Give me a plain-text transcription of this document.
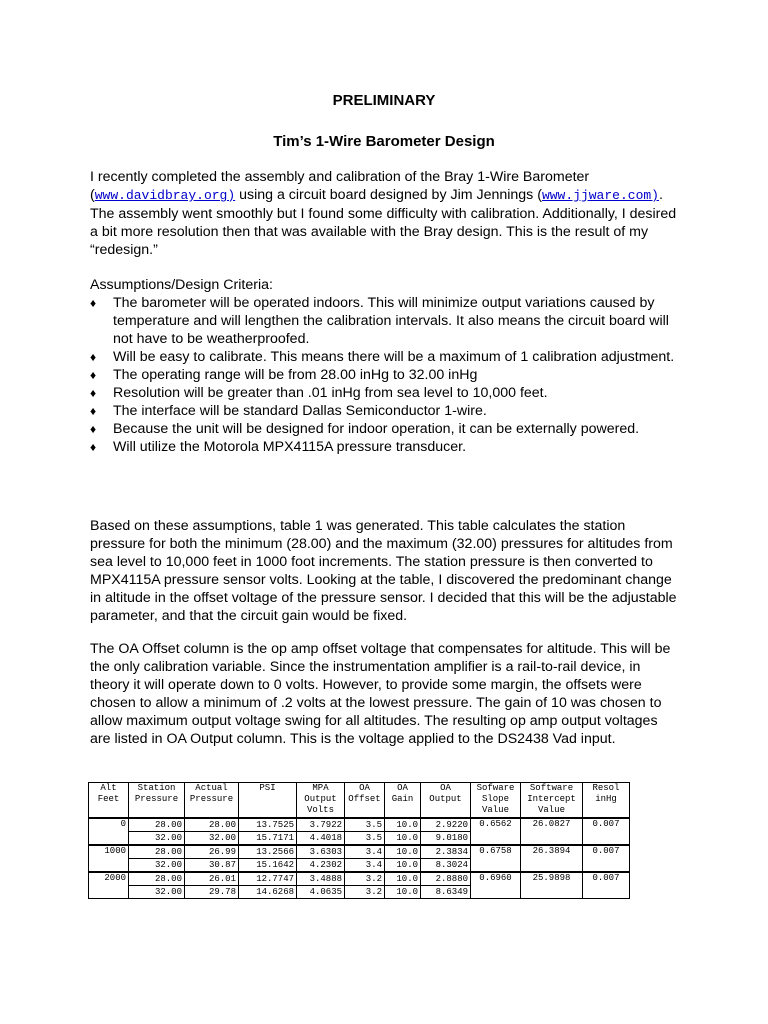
PRELIMINARY
Tim’s 1-Wire Barometer Design
I recently completed the assembly and calibration of the Bray 1-Wire Barometer (www.davidbray.org) using a circuit board designed by Jim Jennings (www.jjware.com). The assembly went smoothly but I found some difficulty with calibration. Additionally, I desired a bit more resolution then that was available with the Bray design. This is the result of my “redesign.”
Assumptions/Design Criteria:
♦ The barometer will be operated indoors. This will minimize output variations caused by temperature and will lengthen the calibration intervals. It also means the circuit board will not have to be weatherproofed.
♦ Will be easy to calibrate. This means there will be a maximum of 1 calibration adjustment.
♦ The operating range will be from 28.00 inHg to 32.00 inHg
♦ Resolution will be greater than .01 inHg from sea level to 10,000 feet.
♦ The interface will be standard Dallas Semiconductor 1-wire.
♦ Because the unit will be designed for indoor operation, it can be externally powered.
♦ Will utilize the Motorola MPX4115A pressure transducer.
Based on these assumptions, table 1 was generated. This table calculates the station pressure for both the minimum (28.00) and the maximum (32.00) pressures for altitudes from sea level to 10,000 feet in 1000 foot increments. The station pressure is then converted to MPX4115A pressure sensor volts. Looking at the table, I discovered the predominant change in altitude in the offset voltage of the pressure sensor. I decided that this will be the adjustable parameter, and that the circuit gain would be fixed.
The OA Offset column is the op amp offset voltage that compensates for altitude. This will be the only calibration variable. Since the instrumentation amplifier is a rail-to-rail device, in theory it will operate down to 0 volts. However, to provide some margin, the offsets were chosen to allow a minimum of .2 volts at the lowest pressure. The gain of 10 was chosen to allow maximum output voltage swing for all altitudes. The resulting op amp output voltages are listed in OA Output column. This is the voltage applied to the DS2438 Vad input.
Alt Feet	Station Pressure	Actual Pressure	PSI	MPA Output Volts	OA Offset	OA Gain	OA Output	Sofware Slope Value	Software Intercept Value	Resol inHg
0	28.00	28.00	13.7525	3.7922	3.5	10.0	2.9220	0.6562	26.0827	0.007
	32.00	32.00	15.7171	4.4018	3.5	10.0	9.0180			
1000	28.00	26.99	13.2566	3.6303	3.4	10.0	2.3834	0.6758	26.3894	0.007
	32.00	30.87	15.1642	4.2302	3.4	10.0	8.3024			
2000	28.00	26.01	12.7747	3.4888	3.2	10.0	2.8880	0.6960	25.9898	0.007
	32.00	29.78	14.6268	4.0635	3.2	10.0	8.6349			
